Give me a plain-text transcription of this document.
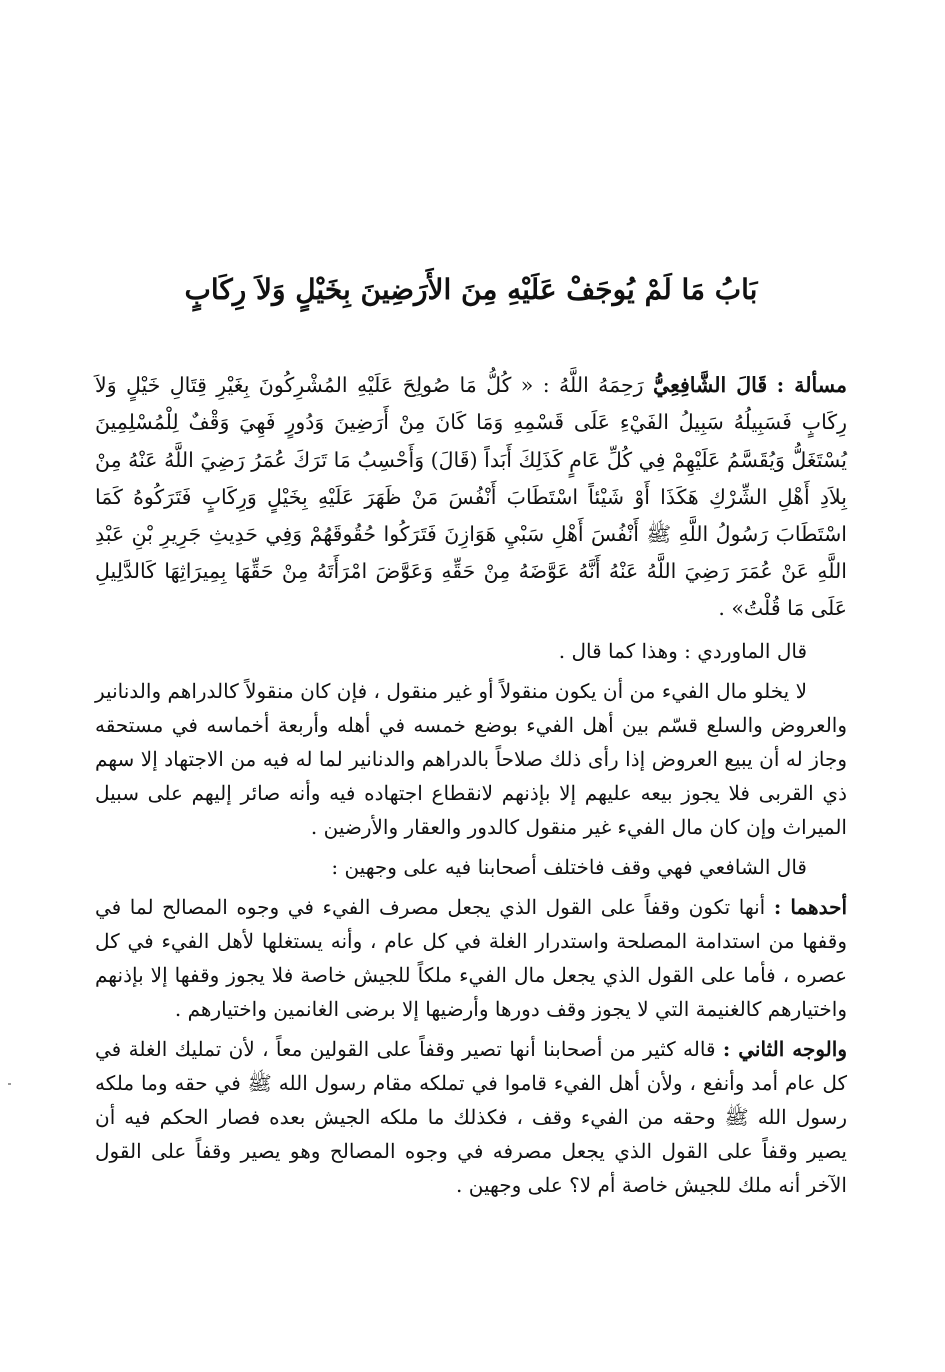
بَابُ مَا لَمْ يُوجَفْ عَلَيْهِ مِنَ الأَرَضِينَ بِخَيْلٍ وَلاَ رِكَابٍ

مسألة : قَالَ الشَّافِعِيُّ رَحِمَهُ اللَّهُ : « كُلُّ مَا صُولِحَ عَلَيْهِ المُشْرِكُونَ بِغَيْرِ قِتَالِ خَيْلٍ وَلاَ رِكَابٍ فَسَبِيلُهُ سَبِيلُ الفَيْءِ عَلَى قَسْمِهِ وَمَا كَانَ مِنْ أَرَضِينَ وَدُورٍ فَهِيَ وَقْفٌ لِلْمُسْلِمِينَ يُسْتَغَلُّ وَيُقَسَّمُ عَلَيْهِمْ فِي كُلِّ عَامٍ كَذَلِكَ أَبَداً (قَالَ) وَأَحْسِبُ مَا تَرَكَ عُمَرُ رَضِيَ اللَّهُ عَنْهُ مِنْ بِلاَدِ أَهْلِ الشِّرْكِ هَكَذَا أَوْ شَيْئاً اسْتَطَابَ أَنْفُسَ مَنْ ظَهَرَ عَلَيْهِ بِخَيْلٍ وَرِكَابٍ فَتَرَكُوهُ كَمَا اسْتَطَابَ رَسُولُ اللَّهِ ﷺ أَنْفُسَ أَهْلِ سَبْيِ هَوَازِنَ فَتَرَكُوا حُقُوقَهُمْ وَفِي حَدِيثِ جَرِيرِ بْنِ عَبْدِ اللَّهِ عَنْ عُمَرَ رَضِيَ اللَّهُ عَنْهُ أَنَّهُ عَوَّضَهُ مِنْ حَقِّهِ وَعَوَّضَ امْرَأَتَهُ مِنْ حَقِّهَا بِمِيرَاثِهَا كَالدَّلِيلِ عَلَى مَا قُلْتُ» .

قال الماوردي : وهذا كما قال .

لا يخلو مال الفيء من أن يكون منقولاً أو غير منقول ، فإن كان منقولاً كالدراهم والدنانير والعروض والسلع قسّم بين أهل الفيء بوضع خمسه في أهله وأربعة أخماسه في مستحقه وجاز له أن يبيع العروض إذا رأى ذلك صلاحاً بالدراهم والدنانير لما له فيه من الاجتهاد إلا سهم ذي القربى فلا يجوز بيعه عليهم إلا بإذنهم لانقطاع اجتهاده فيه وأنه صائر إليهم على سبيل الميراث وإن كان مال الفيء غير منقول كالدور والعقار والأرضين .

قال الشافعي فهي وقف فاختلف أصحابنا فيه على وجهين :

أحدهما : أنها تكون وقفاً على القول الذي يجعل مصرف الفيء في وجوه المصالح لما في وقفها من استدامة المصلحة واستدرار الغلة في كل عام ، وأنه يستغلها لأهل الفيء في كل عصره ، فأما على القول الذي يجعل مال الفيء ملكاً للجيش خاصة فلا يجوز وقفها إلا بإذنهم واختيارهم كالغنيمة التي لا يجوز وقف دورها وأرضيها إلا برضى الغانمين واختيارهم .

والوجه الثاني : قاله كثير من أصحابنا أنها تصير وقفاً على القولين معاً ، لأن تمليك الغلة في كل عام أمد وأنفع ، ولأن أهل الفيء قاموا في تملكه مقام رسول الله ﷺ في حقه وما ملكه رسول الله ﷺ وحقه من الفيء وقف ، فكذلك ما ملكه الجيش بعده فصار الحكم فيه أن يصير وقفاً على القول الذي يجعل مصرفه في وجوه المصالح وهو يصير وقفاً على القول الآخر أنه ملك للجيش خاصة أم لا؟ على وجهين .
